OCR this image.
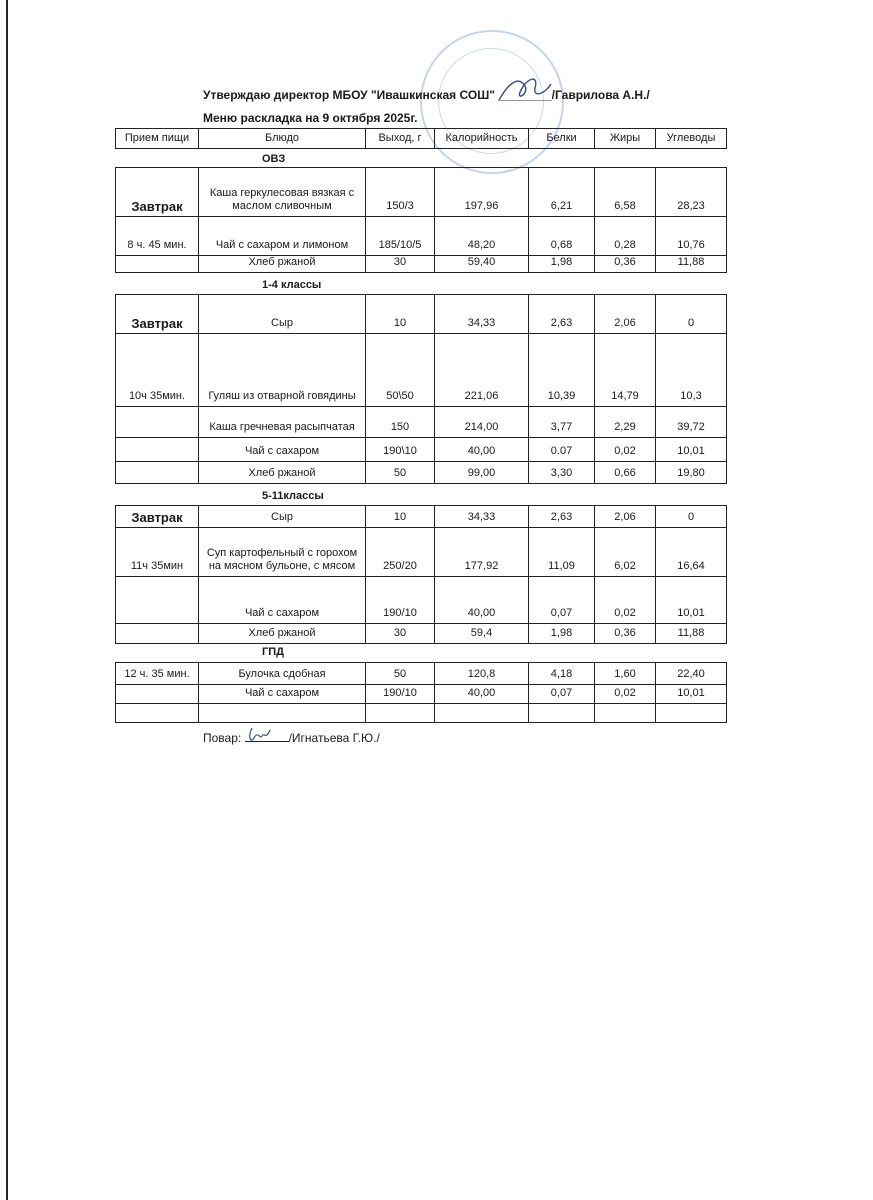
Утверждаю директор МБОУ "Ивашкинская СОШ" ________/Гаврилова А.Н./
Меню раскладка на 9 октября 2025г.
Прием пищи	Блюдо	Выход, г	Калорийность	Белки	Жиры	Углеводы
ОВЗ
Завтрак	Каша геркулесовая вязкая с маслом сливочным	150/3	197,96	6,21	6,58	28,23
8 ч. 45 мин.	Чай с сахаром и лимоном	185/10/5	48,20	0,68	0,28	10,76
	Хлеб ржаной	30	59,40	1,98	0,36	11,88
1-4 классы
Завтрак	Сыр	10	34,33	2,63	2,06	0
10ч 35мин.	Гуляш из отварной говядины	50\50	221,06	10,39	14,79	10,3
	Каша гречневая расыпчатая	150	214,00	3,77	2,29	39,72
	Чай с сахаром	190\10	40,00	0.07	0,02	10,01
	Хлеб ржаной	50	99,00	3,30	0,66	19,80
5-11классы
Завтрак	Сыр	10	34,33	2,63	2,06	0
11ч 35мин	Суп картофельный с горохом на мясном бульоне, с мясом	250/20	177,92	11,09	6,02	16,64
	Чай с сахаром	190/10	40,00	0,07	0,02	10,01
	Хлеб ржаной	30	59,4	1,98	0,36	11,88
ГПД
12 ч. 35 мин.	Булочка сдобная	50	120,8	4,18	1,60	22,40
	Чай с сахаром	190/10	40,00	0,07	0,02	10,01

Повар:	/Игнатьева Г.Ю./
